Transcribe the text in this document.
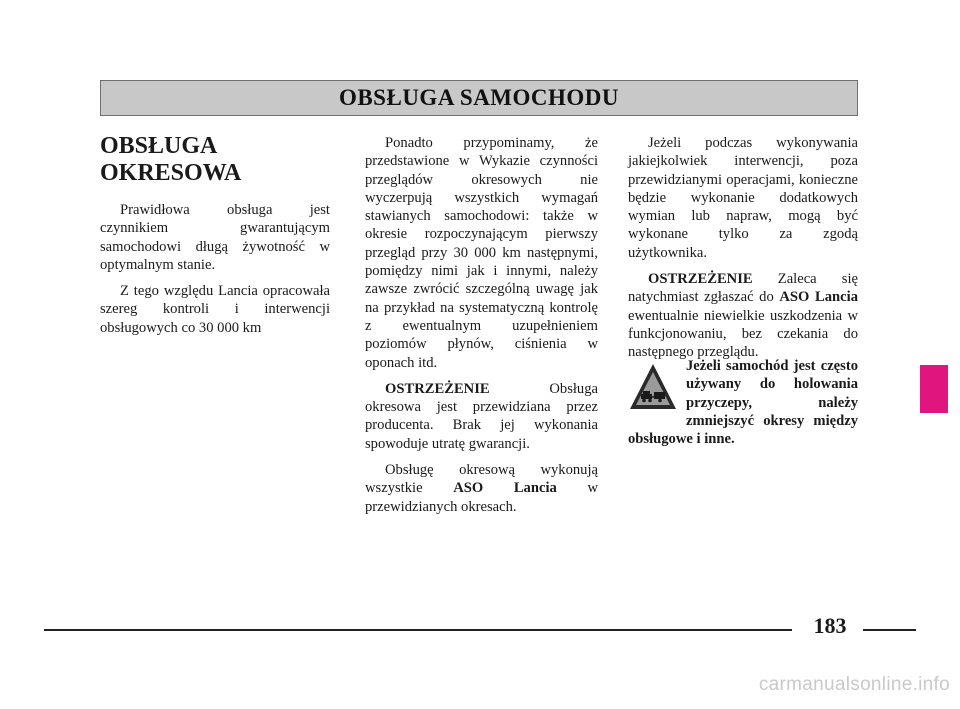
OBSŁUGA SAMOCHODU
OBSŁUGA
OKRESOWA

Prawidłowa obsługa jest czynnikiem gwarantującym samochodowi długą żywotność w optymalnym stanie.

Z tego względu Lancia opracowała szereg kontroli i interwencji obsługowych co 30 000 km

Ponadto przypominamy, że przedstawione w Wykazie czynności przeglądów okresowych nie wyczerpują wszystkich wymagań stawianych samochodowi: także w okresie rozpoczynającym pierwszy przegląd przy 30 000 km następnymi, pomiędzy nimi jak i innymi, należy zawsze zwrócić szczególną uwagę jak na przykład na systematyczną kontrolę z ewentualnym uzupełnieniem poziomów płynów, ciśnienia w oponach itd.

OSTRZEŻENIE Obsługa okresowa jest przewidziana przez producenta. Brak jej wykonania spowoduje utratę gwarancji.

Obsługę okresową wykonują wszystkie ASO Lancia w przewidzianych okresach.

Jeżeli podczas wykonywania jakiejkolwiek interwencji, poza przewidzianymi operacjami, konieczne będzie wykonanie dodatkowych wymian lub napraw, mogą być wykonane tylko za zgodą użytkownika.

OSTRZEŻENIE Zaleca się natychmiast zgłaszać do ASO Lancia ewentualnie niewielkie uszkodzenia w funkcjonowaniu, bez czekania do następnego przeglądu.

Jeżeli samochód jest często używany do holowania przyczepy, należy zmniejszyć okresy między obsługowe i inne.
183
carmanualsonline.info
